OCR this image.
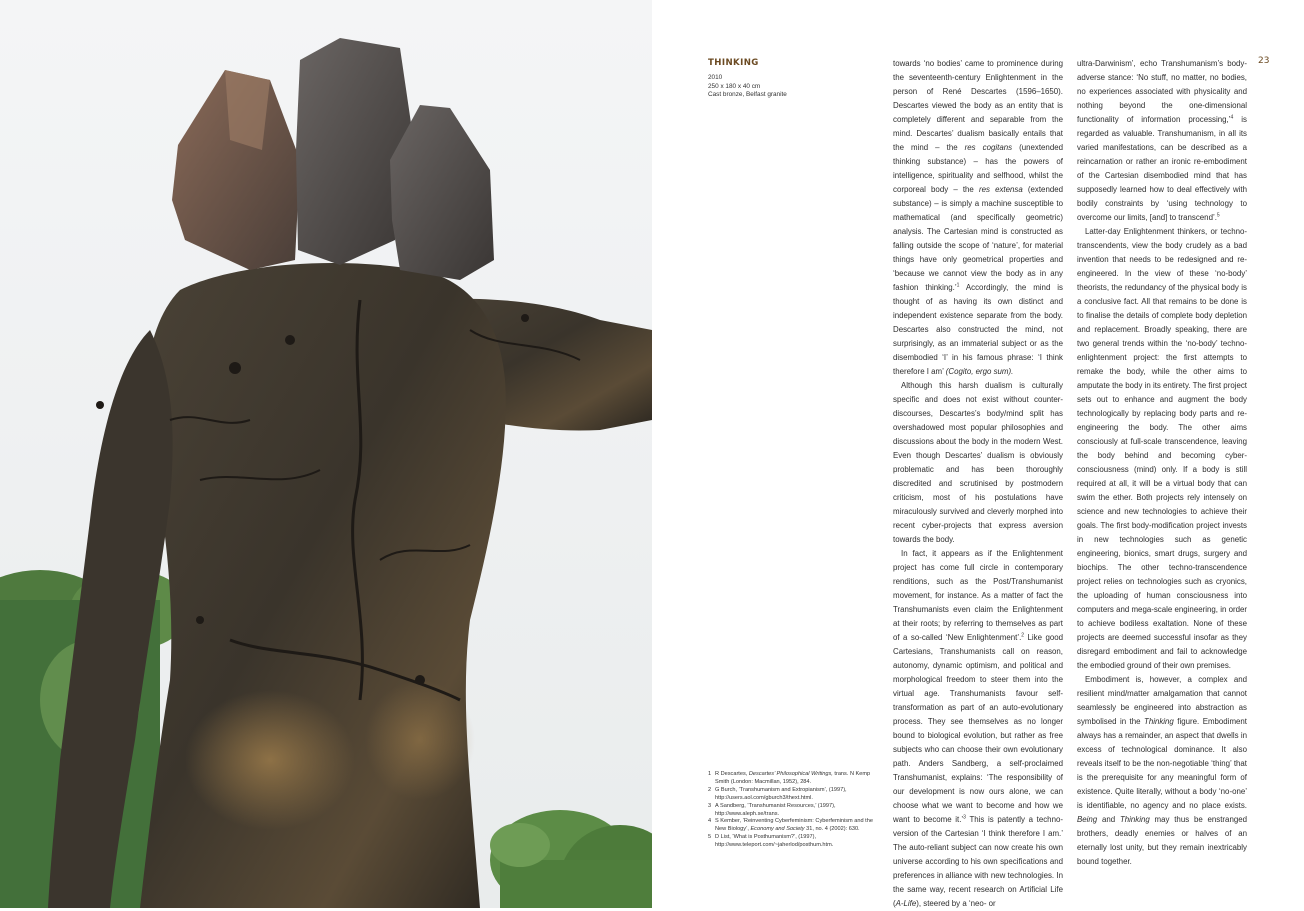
THINKING
2010
250 x 180 x 40 cm
Cast bronze, Belfast granite
23

towards ‘no bodies’ came to prominence during the seventeenth-century Enlightenment in the person of René Descartes (1596–1650). Descartes viewed the body as an entity that is completely different and separable from the mind. Descartes’ dualism basically entails that the mind – the res cogitans (unextended thinking substance) – has the powers of intelligence, spirituality and selfhood, whilst the corporeal body – the res extensa (extended substance) – is simply a machine susceptible to mathematical (and specifically geometric) analysis. The Cartesian mind is constructed as falling outside the scope of ‘nature’, for material things have only geometrical properties and ‘because we cannot view the body as in any fashion thinking.’$^1$ Accordingly, the mind is thought of as having its own distinct and independent existence separate from the body. Descartes also constructed the mind, not surprisingly, as an immaterial subject or as the disembodied ‘I’ in his famous phrase: ‘I think therefore I am’ (Cogito, ergo sum).

Although this harsh dualism is culturally specific and does not exist without counter-discourses, Descartes’s body/mind split has overshadowed most popular philosophies and discussions about the body in the modern West. Even though Descartes’ dualism is obviously problematic and has been thoroughly discredited and scrutinised by postmodern criticism, most of his postulations have miraculously survived and cleverly morphed into recent cyber-projects that express aversion towards the body.

In fact, it appears as if the Enlightenment project has come full circle in contemporary renditions, such as the Post/Transhumanist movement, for instance. As a matter of fact the Transhumanists even claim the Enlightenment at their roots; by referring to themselves as part of a so-called ‘New Enlightenment’.$^2$ Like good Cartesians, Transhumanists call on reason, autonomy, dynamic optimism, and political and morphological freedom to steer them into the virtual age. Transhumanists favour self-transformation as part of an auto-evolutionary process. They see themselves as no longer bound to biological evolution, but rather as free subjects who can choose their own evolutionary path. Anders Sandberg, a self-proclaimed Transhumanist, explains: ‘The responsibility of our development is now ours alone, we can choose what we want to become and how we want to become it.’$^3$ This is patently a techno-version of the Cartesian ‘I think therefore I am.’ The auto-reliant subject can now create his own universe according to his own specifications and preferences in alliance with new technologies. In the same way, recent research on Artificial Life (A-Life), steered by a ‘neo- or

ultra-Darwinism’, echo Transhumanism’s body-adverse stance: ‘No stuff, no matter, no bodies, no experiences associated with physicality and nothing beyond the one-dimensional functionality of information processing,’$^4$ is regarded as valuable. Transhumanism, in all its varied manifestations, can be described as a reincarnation or rather an ironic re-embodiment of the Cartesian disembodied mind that has supposedly learned how to deal effectively with bodily constraints by ‘using technology to overcome our limits, [and] to transcend’.$^5$

Latter-day Enlightenment thinkers, or techno-transcendents, view the body crudely as a bad invention that needs to be redesigned and re-engineered. In the view of these ‘no-body’ theorists, the redundancy of the physical body is a conclusive fact. All that remains to be done is to finalise the details of complete body depletion and replacement. Broadly speaking, there are two general trends within the ‘no-body’ techno-enlightenment project: the first attempts to remake the body, while the other aims to amputate the body in its entirety. The first project sets out to enhance and augment the body technologically by replacing body parts and re-engineering the body. The other aims consciously at full-scale transcendence, leaving the body behind and becoming cyber-consciousness (mind) only. If a body is still required at all, it will be a virtual body that can swim the ether. Both projects rely intensely on science and new technologies to achieve their goals. The first body-modification project invests in new technologies such as genetic engineering, bionics, smart drugs, surgery and biochips. The other techno-transcendence project relies on technologies such as cryonics, the uploading of human consciousness into computers and mega-scale engineering, in order to achieve bodiless exaltation. None of these projects are deemed successful insofar as they disregard embodiment and fail to acknowledge the embodied ground of their own premises.

Embodiment is, however, a complex and resilient mind/matter amalgamation that cannot seamlessly be engineered into abstraction as symbolised in the Thinking figure. Embodiment always has a remainder, an aspect that dwells in excess of technological dominance. It also reveals itself to be the non-negotiable ‘thing’ that is the prerequisite for any meaningful form of existence. Quite literally, without a body ‘no-one’ is identifiable, no agency and no place exists. Being and Thinking may thus be enstranged brothers, deadly enemies or halves of an eternally lost unity, but they remain inextricably bound together.

1 R Descartes, Descartes’ Philosophical Writings, trans. N Kemp Smith (London: Macmillan, 1952), 284.
2 G Burch, ‘Transhumanism and Extropianism’, (1997), http://users.aol.com/gburch3/thext.html.
3 A Sandberg, ‘Transhumanist Resources,’ (1997), http://www.aleph.se/trans.
4 S Kember, ‘Reinventing Cyberfeminism: Cyberfeminism and the New Biology’, Economy and Society 31, no. 4 (2002): 630.
5 D List, ‘What is Posthumanism?’, (1997), http://www.teleport.com/~jaherlod/posthum.htm.
